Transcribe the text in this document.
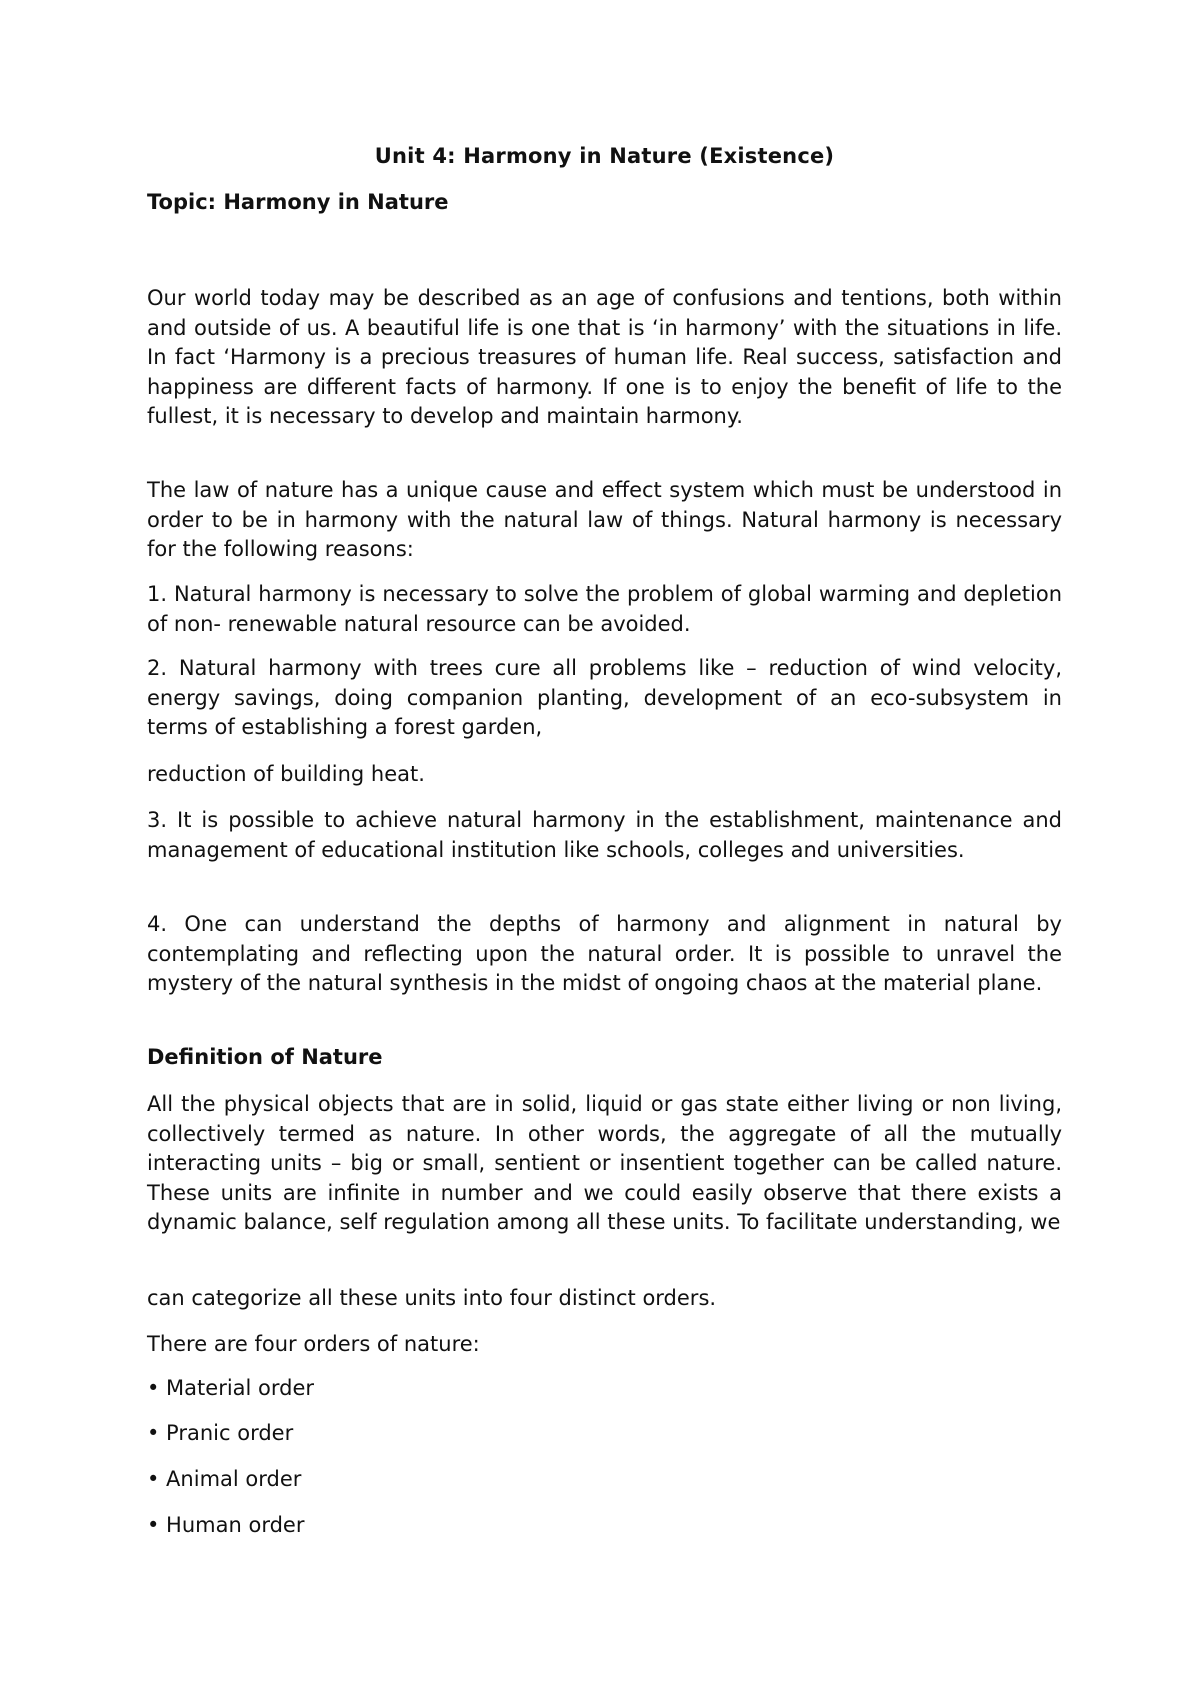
Unit 4: Harmony in Nature (Existence)
Topic: Harmony in Nature

Our world today may be described as an age of confusions and tentions, both within and outside of us. A beautiful life is one that is ‘in harmony’ with the situations in life. In fact ‘Harmony is a precious treasures of human life. Real success, satisfaction and happiness are different facts of harmony. If one is to enjoy the benefit of life to the fullest, it is necessary to develop and maintain harmony.

The law of nature has a unique cause and effect system which must be understood in order to be in harmony with the natural law of things. Natural harmony is necessary for the following reasons:

1. Natural harmony is necessary to solve the problem of global warming and depletion of non- renewable natural resource can be avoided.

2. Natural harmony with trees cure all problems like – reduction of wind velocity, energy savings, doing companion planting, development of an eco-subsystem in terms of establishing a forest garden,

reduction of building heat.

3. It is possible to achieve natural harmony in the establishment, maintenance and management of educational institution like schools, colleges and universities.

4. One can understand the depths of harmony and alignment in natural by contemplating and reflecting upon the natural order. It is possible to unravel the mystery of the natural synthesis in the midst of ongoing chaos at the material plane.

Definition of Nature

All the physical objects that are in solid, liquid or gas state either living or non living, collectively termed as nature. In other words, the aggregate of all the mutually interacting units – big or small, sentient or insentient together can be called nature. These units are infinite in number and we could easily observe that there exists a dynamic balance, self regulation among all these units. To facilitate understanding, we

can categorize all these units into four distinct orders.

There are four orders of nature:

• Material order

• Pranic order

• Animal order

• Human order
